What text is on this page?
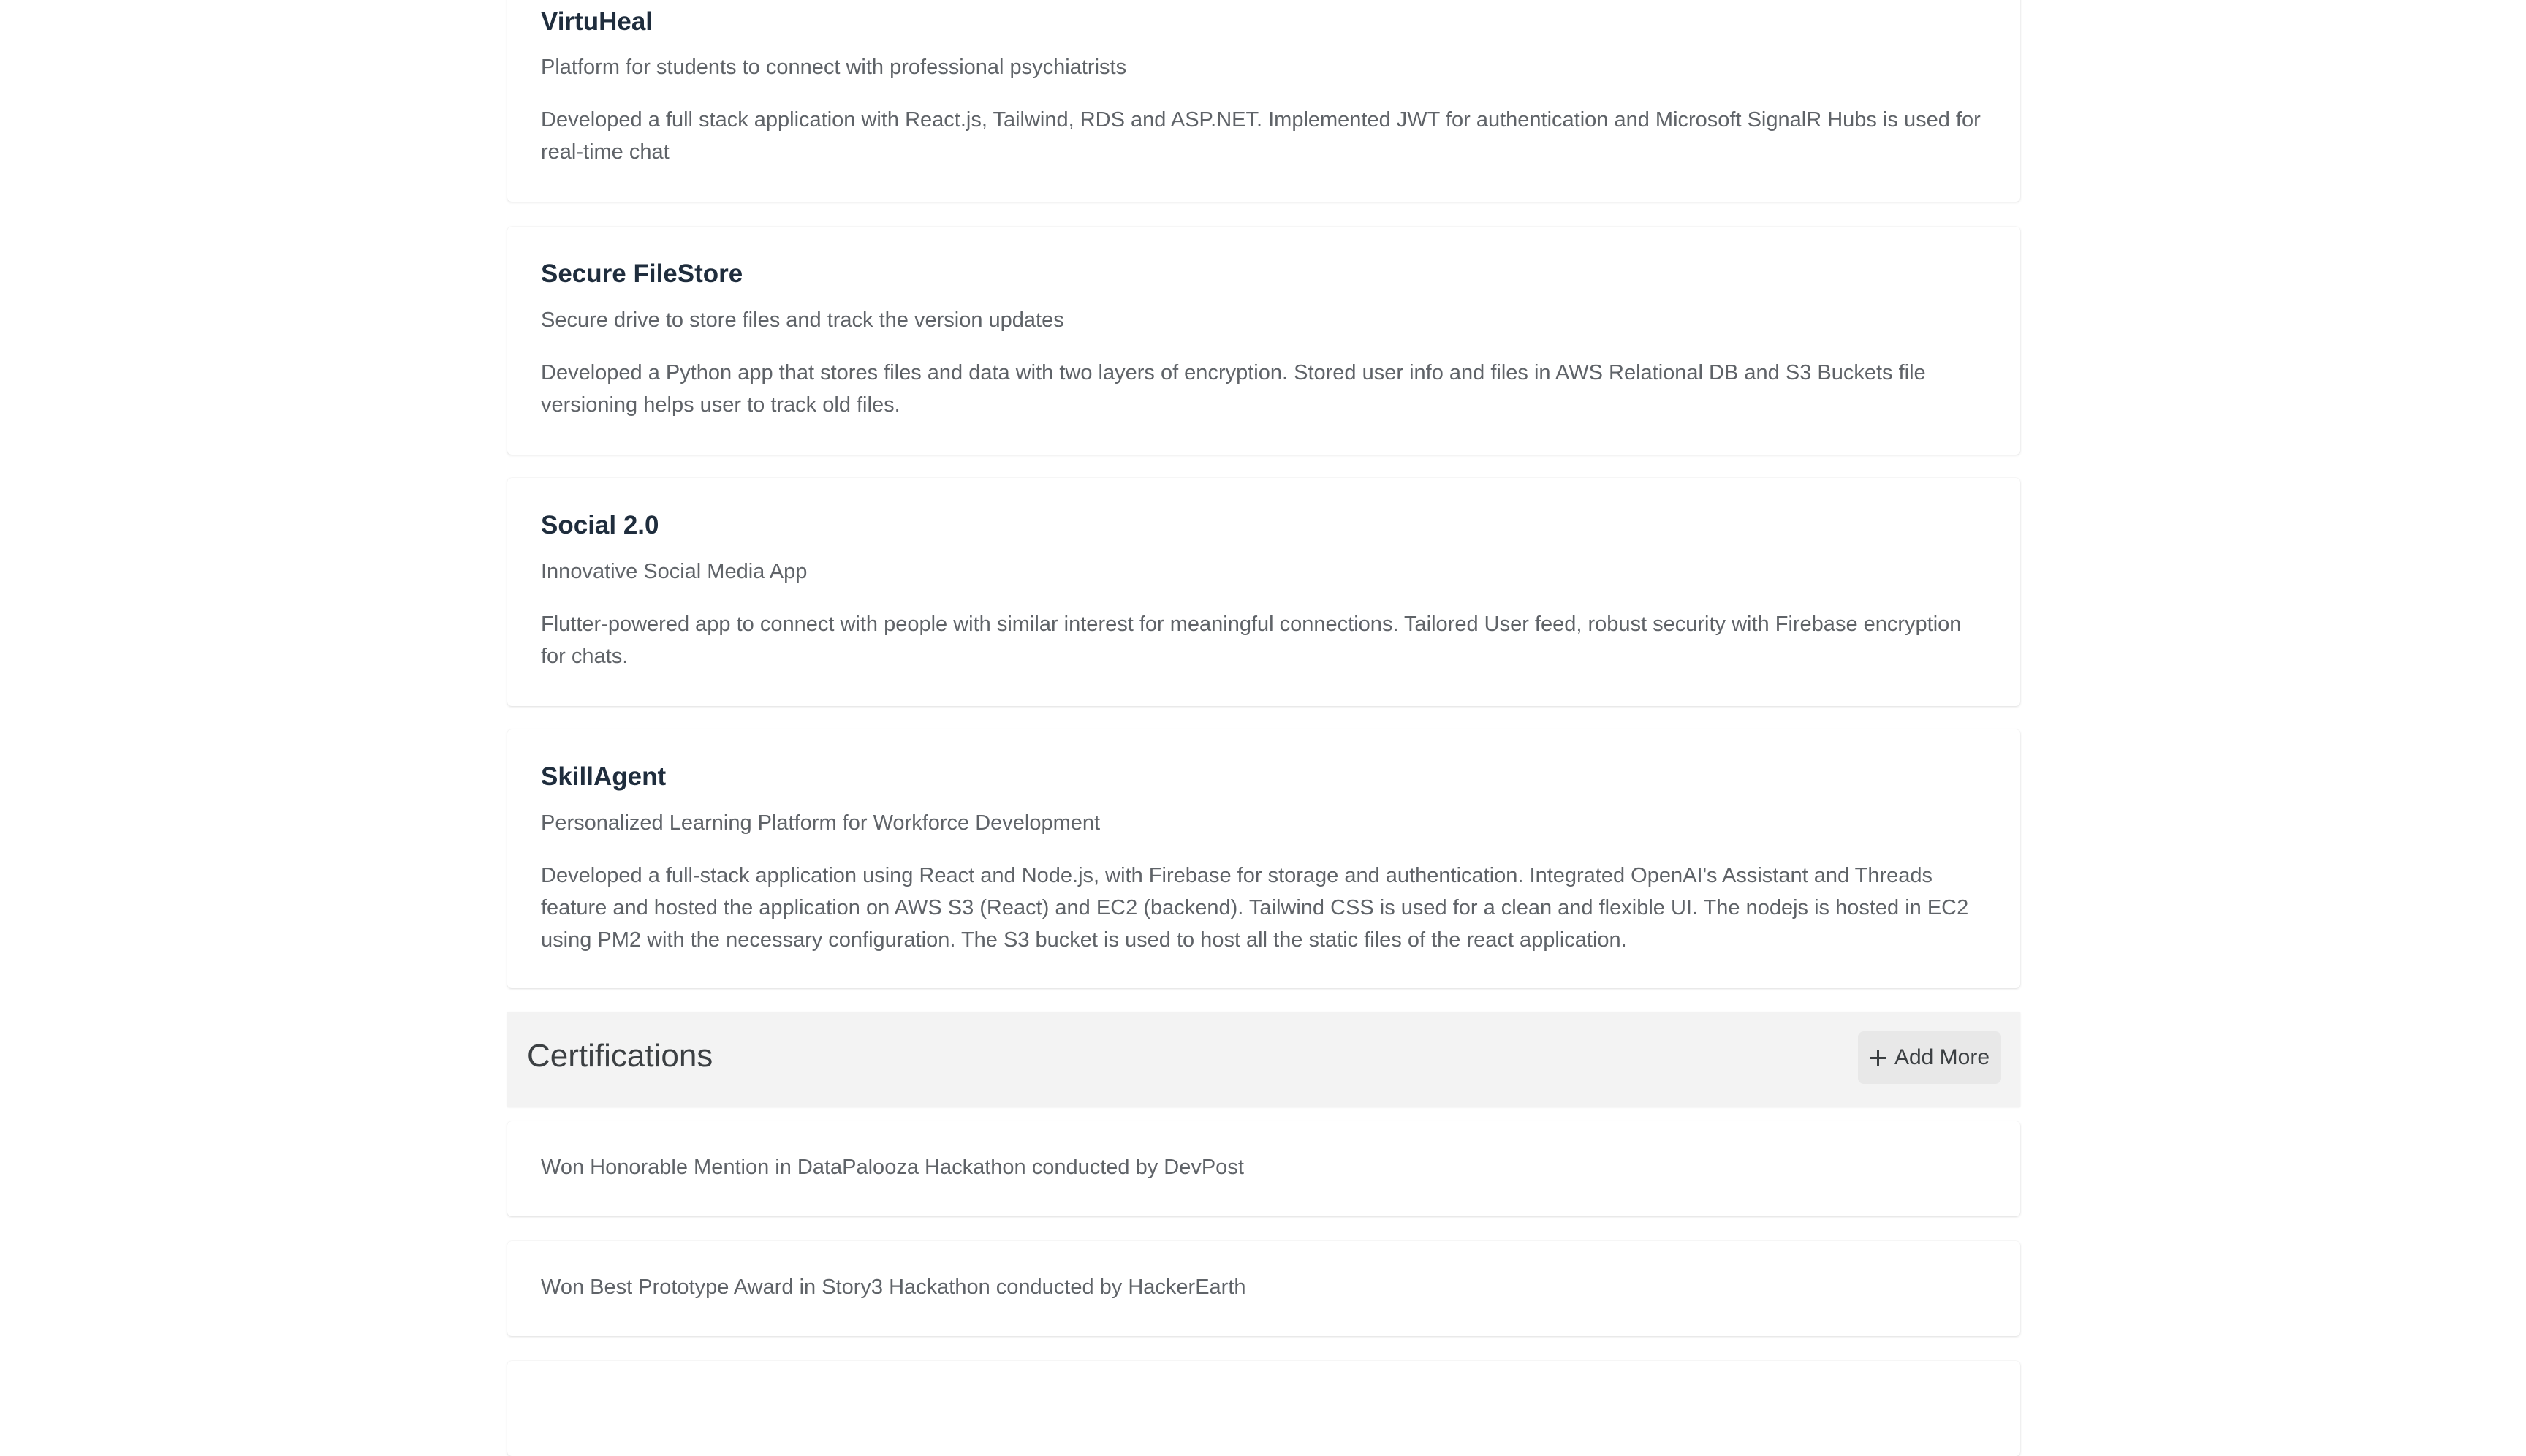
VirtuHeal
Platform for students to connect with professional psychiatrists
Developed a full stack application with React.js, Tailwind, RDS and ASP.NET. Implemented JWT for authentication and Microsoft SignalR Hubs is used for real-time chat
Secure FileStore
Secure drive to store files and track the version updates
Developed a Python app that stores files and data with two layers of encryption. Stored user info and files in AWS Relational DB and S3 Buckets file versioning helps user to track old files.
Social 2.0
Innovative Social Media App
Flutter-powered app to connect with people with similar interest for meaningful connections. Tailored User feed, robust security with Firebase encryption for chats.
SkillAgent
Personalized Learning Platform for Workforce Development
Developed a full-stack application using React and Node.js, with Firebase for storage and authentication. Integrated OpenAI's Assistant and Threads feature and hosted the application on AWS S3 (React) and EC2 (backend). Tailwind CSS is used for a clean and flexible UI. The nodejs is hosted in EC2 using PM2 with the necessary configuration. The S3 bucket is used to host all the static files of the react application.
Certifications	Add More
Won Honorable Mention in DataPalooza Hackathon conducted by DevPost
Won Best Prototype Award in Story3 Hackathon conducted by HackerEarth
